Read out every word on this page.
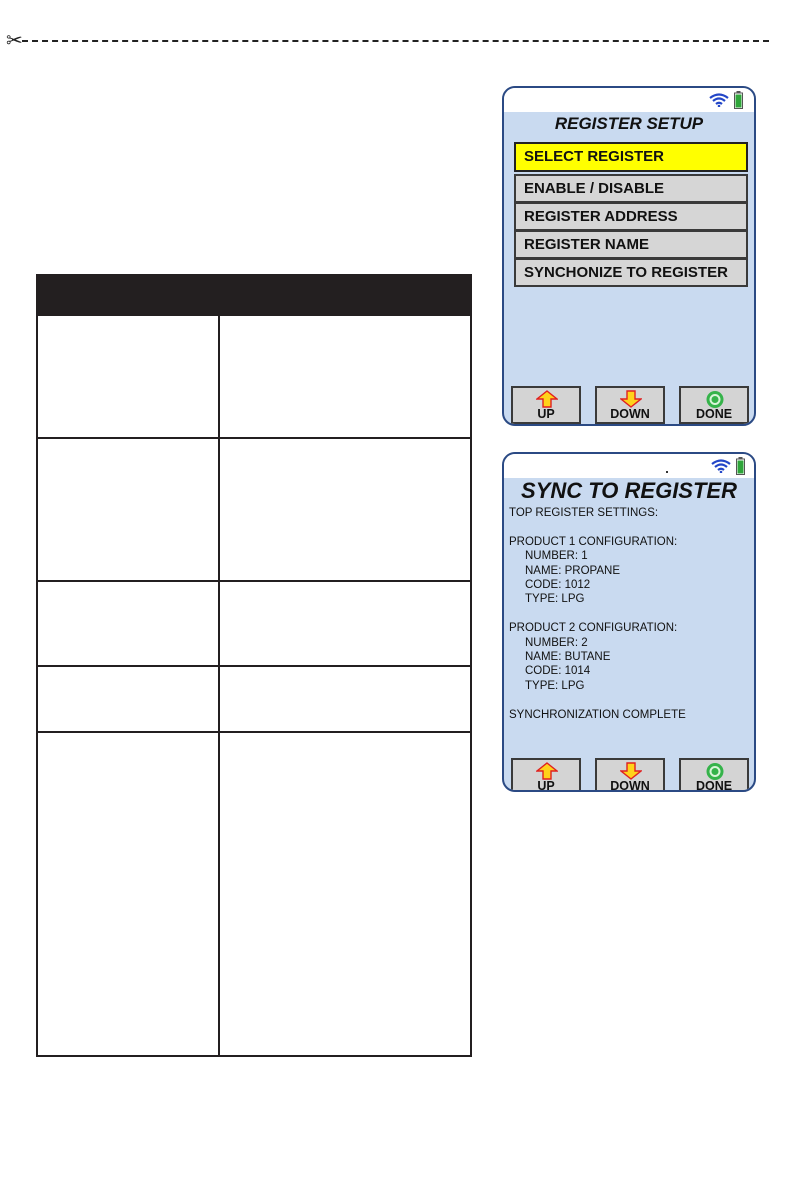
✂

REGISTER SETUP
SELECT REGISTER
ENABLE / DISABLE
REGISTER ADDRESS
REGISTER NAME
SYNCHONIZE TO REGISTER
UP	DOWN	DONE
SYNC TO REGISTER
TOP REGISTER SETTINGS:
PRODUCT 1 CONFIGURATION:
NUMBER: 1
NAME: PROPANE
CODE: 1012
TYPE: LPG
PRODUCT 2 CONFIGURATION:
NUMBER: 2
NAME: BUTANE
CODE: 1014
TYPE: LPG
SYNCHRONIZATION COMPLETE
UP	DOWN	DONE
